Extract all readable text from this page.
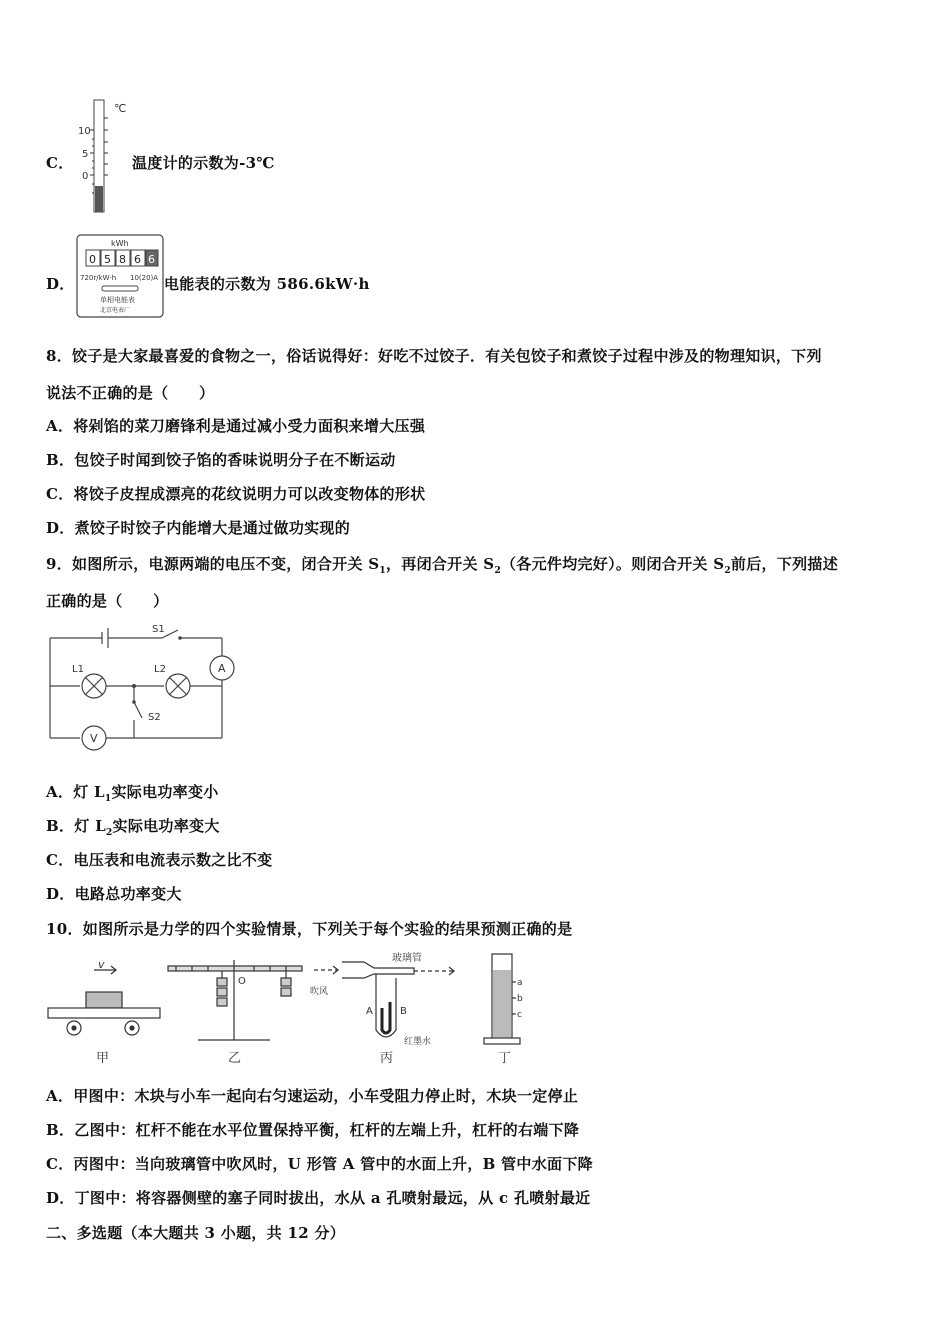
C．
10
5
0
℃
温度计的示数为-3℃
D．
kWh
0 5 8 6 6
720r/kW·h 10(20)A
单相电能表
北京电表厂
电能表的示数为 586.6kW·h
8．饺子是大家最喜爱的食物之一，俗话说得好：好吃不过饺子．有关包饺子和煮饺子过程中涉及的物理知识，下列
说法不正确的是（　　）
A．将剁馅的菜刀磨锋利是通过减小受力面积来增大压强
B．包饺子时闻到饺子馅的香味说明分子在不断运动
C．将饺子皮捏成漂亮的花纹说明力可以改变物体的形状
D．煮饺子时饺子内能增大是通过做功实现的
9．如图所示，电源两端的电压不变，闭合开关 $S_1$，再闭合开关 $S_2$（各元件均完好）。则闭合开关 $S_2$前后，下列描述
正确的是（　　）
S1
S2
L1	L2	A
V
A．灯 $L_1$实际电功率变小
B．灯 $L_2$实际电功率变大
C．电压表和电流表示数之比不变
D．电路总功率变大
10．如图所示是力学的四个实验情景，下列关于每个实验的结果预测正确的是
v
甲
O
乙
玻璃管
吹风
A	B
红墨水
丙
a
b
c
丁
A．甲图中：木块与小车一起向右匀速运动，小车受阻力停止时，木块一定停止
B．乙图中：杠杆不能在水平位置保持平衡，杠杆的左端上升，杠杆的右端下降
C．丙图中：当向玻璃管中吹风时，U 形管 A 管中的水面上升，B 管中水面下降
D．丁图中：将容器侧壁的塞子同时拔出，水从 a 孔喷射最远，从 c 孔喷射最近
二、多选题（本大题共 3 小题，共 12 分）
